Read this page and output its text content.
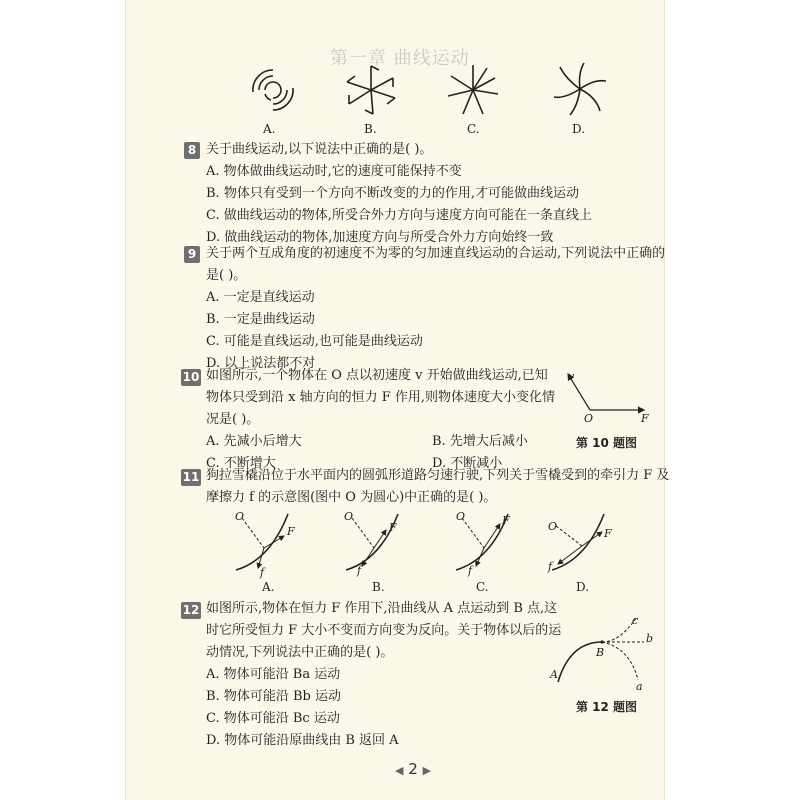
第一章 曲线运动
A.	B.	C.	D.
8 关于曲线运动,以下说法中正确的是( )。
A. 物体做曲线运动时,它的速度可能保持不变
B. 物体只有受到一个方向不断改变的力的作用,才可能做曲线运动
C. 做曲线运动的物体,所受合外力方向与速度方向可能在一条直线上
D. 做曲线运动的物体,加速度方向与所受合外力方向始终一致
9 关于两个互成角度的初速度不为零的匀加速直线运动的合运动,下列说法中正确的
是( )。
A. 一定是直线运动
B. 一定是曲线运动
C. 可能是直线运动,也可能是曲线运动
D. 以上说法都不对
10 如图所示,一个物体在 O 点以初速度 v 开始做曲线运动,已知
物体只受到沿 x 轴方向的恒力 F 作用,则物体速度大小变化情
况是( )。
A. 先减小后增大	B. 先增大后减小
C. 不断增大	D. 不断减小
v
O	F
第 10 题图
11 狗拉雪橇沿位于水平面内的圆弧形道路匀速行驶,下列关于雪橇受到的牵引力 F 及
摩擦力 f 的示意图(图中 O 为圆心)中正确的是( )。
O	O	O
O
F	F
F
F
f	f	f	f
A.	B.	C.	D.
12 如图所示,物体在恒力 F 作用下,沿曲线从 A 点运动到 B 点,这
时它所受恒力 F 大小不变而方向变为反向。关于物体以后的运
动情况,下列说法中正确的是( )。
A. 物体可能沿 Ba 运动
B. 物体可能沿 Bb 运动
C. 物体可能沿 Bc 运动
D. 物体可能沿原曲线由 B 返回 A
A
B
c
b
a
第 12 题图
◀ 2 ▶
